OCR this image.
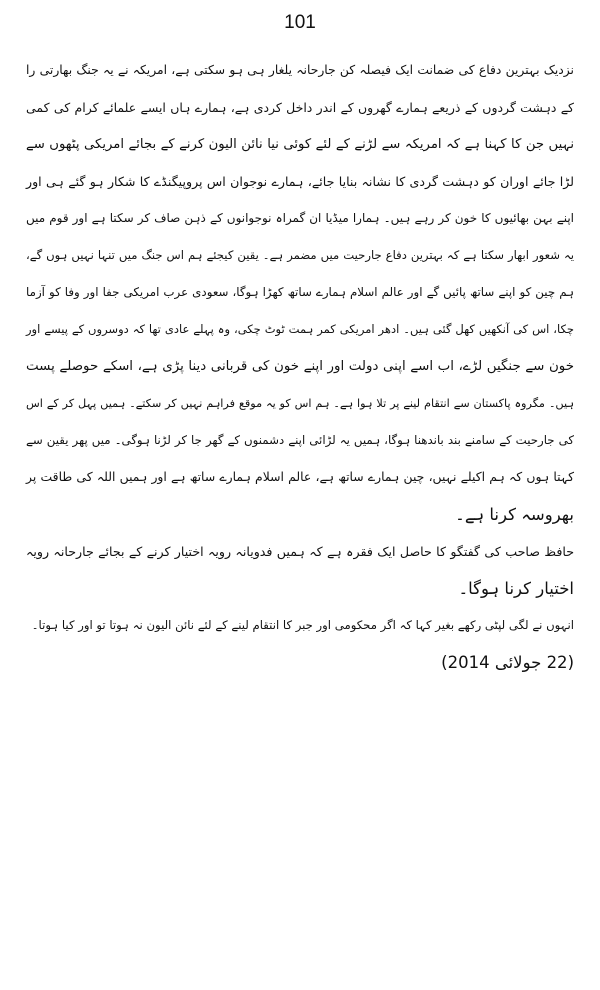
101

نزدیک بہترین دفاع کی ضمانت ایک فیصلہ کن جارحانہ یلغار ہی ہو سکتی ہے، امریکہ نے یہ جنگ بھارتی را
کے دہشت گردوں کے ذریعے ہمارے گھروں کے اندر داخل کردی ہے، ہمارے ہاں ایسے علمائے کرام کی کمی
نہیں جن کا کہنا ہے کہ امریکہ سے لڑنے کے لئے کوئی نیا نائن الیون کرنے کے بجائے امریکی پٹھوں سے
لڑا جائے اوران کو دہشت گردی کا نشانہ بنایا جائے، ہمارے نوجوان اس پروپیگنڈے کا شکار ہو گئے ہی اور
اپنے بہن بھائیوں کا خون کر رہے ہیں۔ ہمارا میڈیا ان گمراہ نوجوانوں کے ذہن صاف کر سکتا ہے اور قوم میں
یہ شعور ابھار سکتا ہے کہ بہترین دفاع جارحیت میں مضمر ہے۔ یقین کیجئے ہم اس جنگ میں تنہا نہیں ہوں گے،
ہم چین کو اپنے ساتھ پائیں گے اور عالم اسلام ہمارے ساتھ کھڑا ہوگا، سعودی عرب امریکی جفا اور وفا کو آزما
چکا، اس کی آنکھیں کھل گئی ہیں۔ ادھر امریکی کمر ہمت ٹوٹ چکی، وہ پہلے عادی تھا کہ دوسروں کے پیسے اور
خون سے جنگیں لڑے، اب اسے اپنی دولت اور اپنے خون کی قربانی دینا پڑی ہے، اسکے حوصلے پست
ہیں۔ مگروہ پاکستان سے انتقام لینے پر تلا ہوا ہے۔ ہم اس کو یہ موقع فراہم نہیں کر سکتے۔ ہمیں پہل کر کے اس
کی جارحیت کے سامنے بند باندھنا ہوگا، ہمیں یہ لڑائی اپنے دشمنوں کے گھر جا کر لڑنا ہوگی۔ میں پھر یقین سے
کہتا ہوں کہ ہم اکیلے نہیں، چین ہمارے ساتھ ہے، عالم اسلام ہمارے ساتھ ہے اور ہمیں اللہ کی طاقت پر
بھروسہ کرنا ہے۔

حافظ صاحب کی گفتگو کا حاصل ایک فقرہ ہے کہ ہمیں فدویانہ رویہ اختیار کرنے کے بجائے جارحانہ رویہ
اختیار کرنا ہوگا۔

انہوں نے لگی لپٹی رکھے بغیر کہا کہ اگر محکومی اور جبر کا انتقام لینے کے لئے نائن الیون نہ ہوتا تو اور کیا ہوتا۔

(22 جولائی 2014)
